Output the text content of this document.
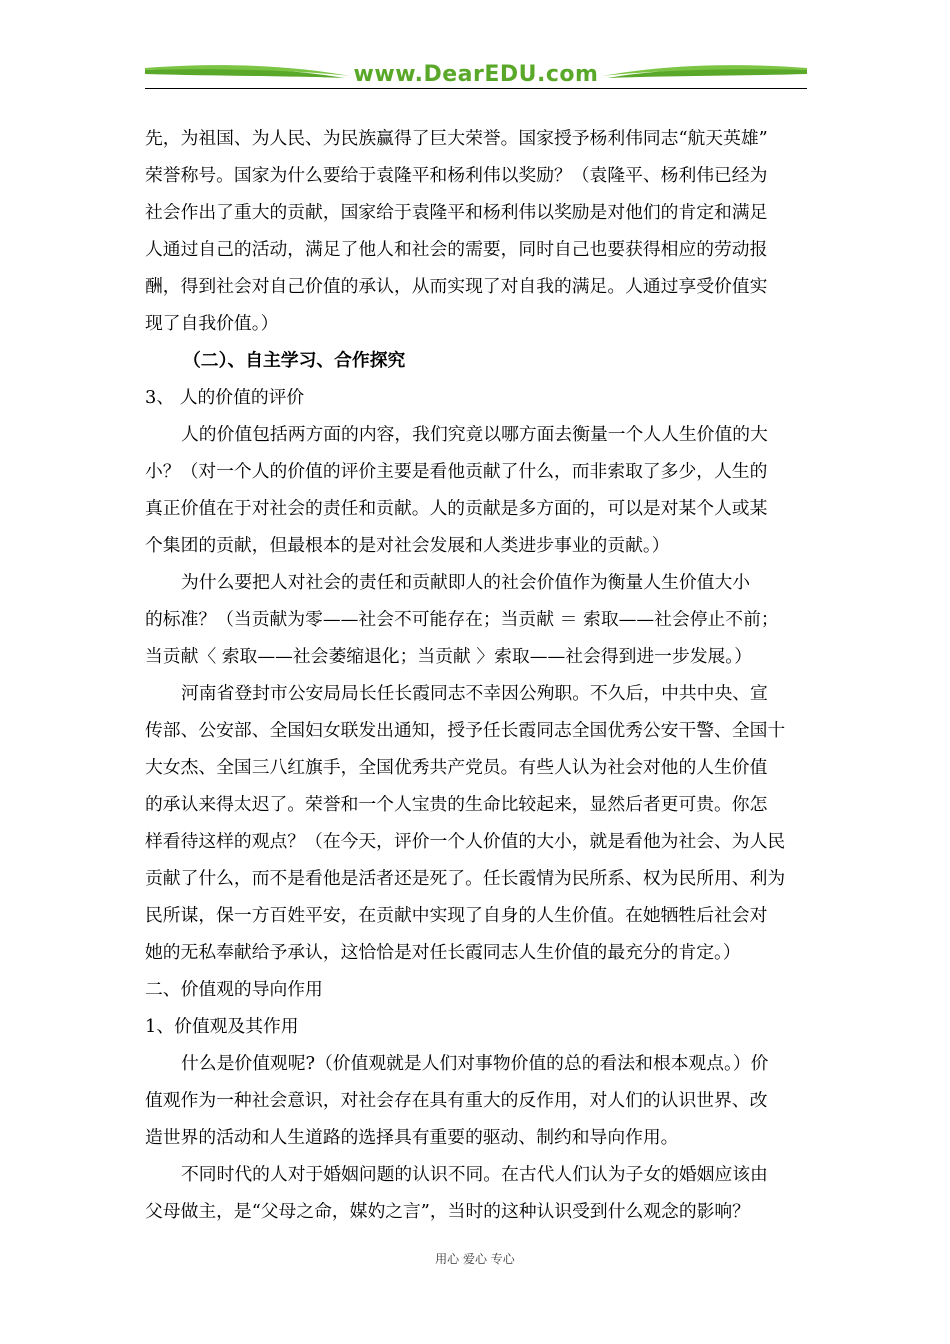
www.DearEDU.com
先，为祖国、为人民、为民族赢得了巨大荣誉。国家授予杨利伟同志“航天英雄”
荣誉称号。国家为什么要给于袁隆平和杨利伟以奖励？（袁隆平、杨利伟已经为
社会作出了重大的贡献，国家给于袁隆平和杨利伟以奖励是对他们的肯定和满足
人通过自己的活动，满足了他人和社会的需要，同时自己也要获得相应的劳动报
酬，得到社会对自己价值的承认，从而实现了对自我的满足。人通过享受价值实
现了自我价值。）
（二）、自主学习、合作探究
3、 人的价值的评价
人的价值包括两方面的内容，我们究竟以哪方面去衡量一个人人生价值的大
小？（对一个人的价值的评价主要是看他贡献了什么，而非索取了多少，人生的
真正价值在于对社会的责任和贡献。人的贡献是多方面的，可以是对某个人或某
个集团的贡献，但最根本的是对社会发展和人类进步事业的贡献。）
为什么要把人对社会的责任和贡献即人的社会价值作为衡量人生价值大小
的标准？（当贡献为零——社会不可能存在；当贡献 ＝ 索取——社会停止不前；
当贡献〈 索取——社会萎缩退化；当贡献 〉索取——社会得到进一步发展。）
河南省登封市公安局局长任长霞同志不幸因公殉职。不久后，中共中央、宣
传部、公安部、全国妇女联发出通知，授予任长霞同志全国优秀公安干警、全国十
大女杰、全国三八红旗手，全国优秀共产党员。有些人认为社会对他的人生价值
的承认来得太迟了。荣誉和一个人宝贵的生命比较起来，显然后者更可贵。你怎
样看待这样的观点？（在今天，评价一个人价值的大小，就是看他为社会、为人民
贡献了什么，而不是看他是活者还是死了。任长霞情为民所系、权为民所用、利为
民所谋，保一方百姓平安，在贡献中实现了自身的人生价值。在她牺牲后社会对
她的无私奉献给予承认，这恰恰是对任长霞同志人生价值的最充分的肯定。）
二、价值观的导向作用
1、价值观及其作用
什么是价值观呢?（价值观就是人们对事物价值的总的看法和根本观点。）价
值观作为一种社会意识，对社会存在具有重大的反作用，对人们的认识世界、改
造世界的活动和人生道路的选择具有重要的驱动、制约和导向作用。
不同时代的人对于婚姻问题的认识不同。在古代人们认为子女的婚姻应该由
父母做主，是“父母之命，媒妁之言”，当时的这种认识受到什么观念的影响？
用心 爱心 专心
